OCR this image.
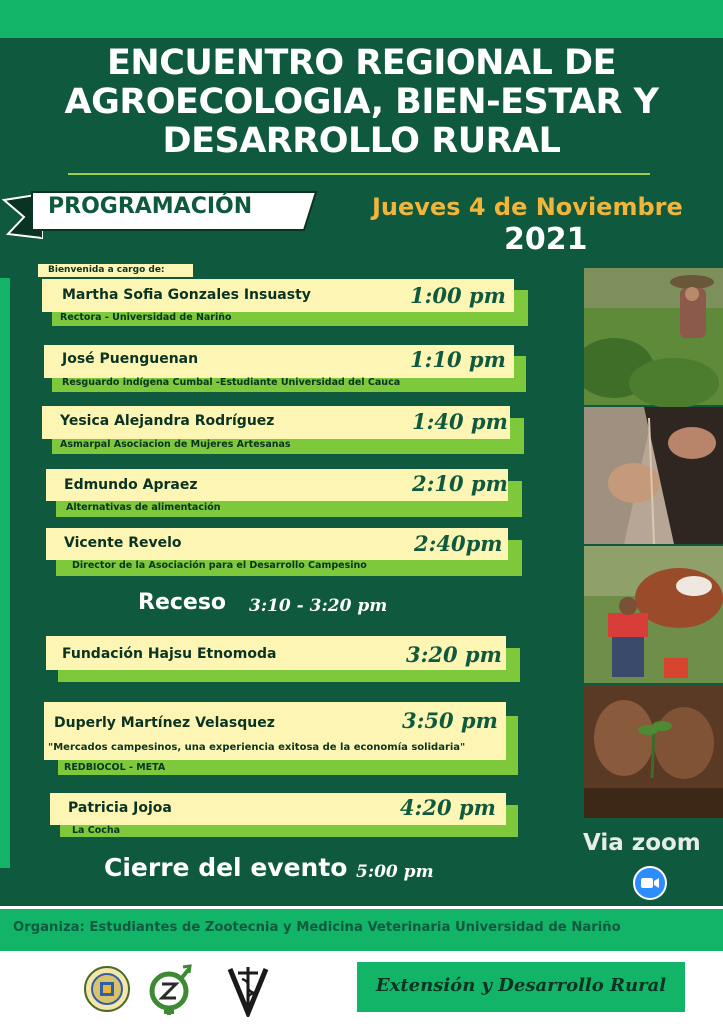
ENCUENTRO REGIONAL DE
AGROECOLOGIA, BIEN-ESTAR Y
DESARROLLO RURAL
PROGRAMACIÓN	Jueves 4 de Noviembre
2021
Bienvenida a cargo de:
Martha Sofia Gonzales Insuasty	1:00 pm
Rectora - Universidad de Nariño
José Puenguenan	1:10 pm
Resguardo indígena Cumbal -Estudiante Universidad del Cauca
Yesica Alejandra Rodríguez	1:40 pm
Asmarpal Asociacion de Mujeres Artesanas
Edmundo Apraez	2:10 pm
Alternativas de alimentación
Vicente Revelo	2:40pm
Director de la Asociación para el Desarrollo Campesino
Receso 3:10 - 3:20 pm
Fundación Hajsu Etnomoda	3:20 pm
Duperly Martínez Velasquez	3:50 pm
"Mercados campesinos, una experiencia exitosa de la economía solidaria"
REDBIOCOL - META
Patricia Jojoa	4:20 pm
La Cocha
Cierre del evento 5:00 pm
Via zoom
Organiza: Estudiantes de Zootecnia y Medicina Veterinaria Universidad de Nariño
Extensión y Desarrollo Rural
